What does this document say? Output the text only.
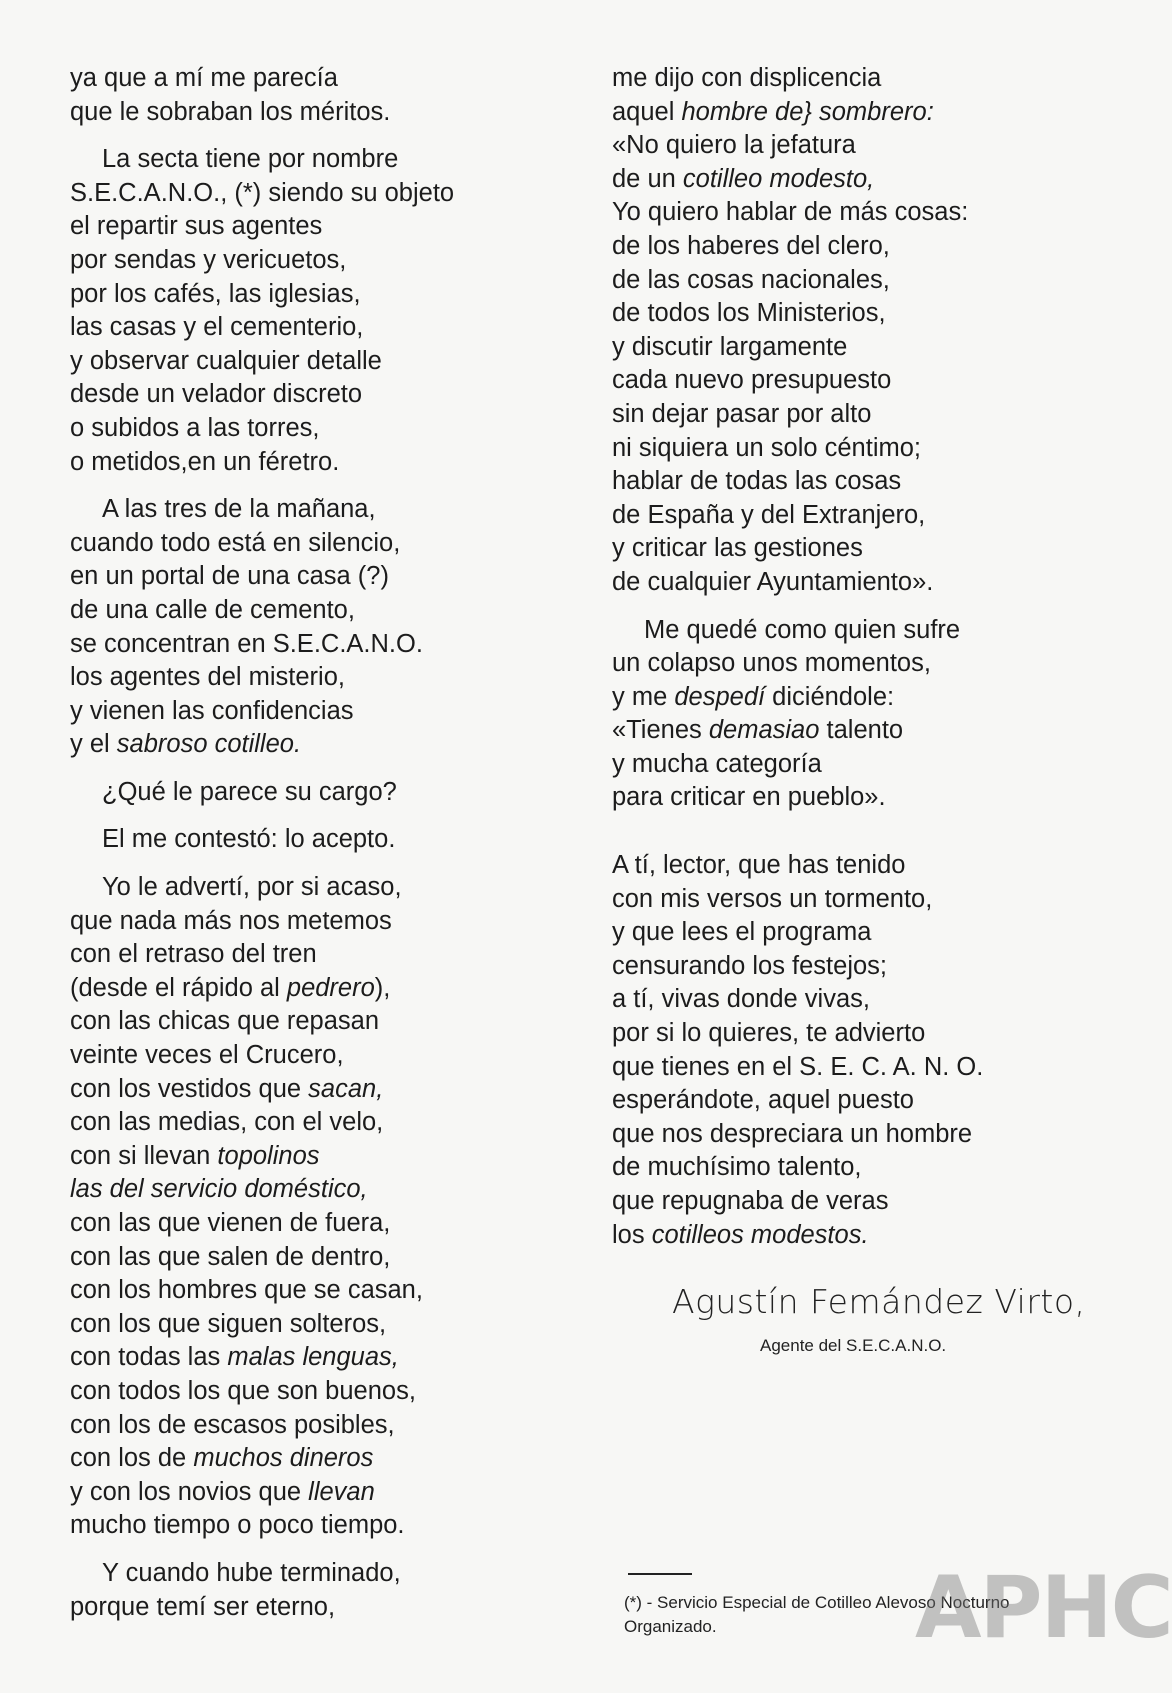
ya que a mí me parecía
que le sobraban los méritos.
La secta tiene por nombre
S.E.C.A.N.O., (*) siendo su objeto
el repartir sus agentes
por sendas y vericuetos,
por los cafés, las iglesias,
las casas y el cementerio,
y observar cualquier detalle
desde un velador discreto
o subidos a las torres,
o metidos,en un féretro.
A las tres de la mañana,
cuando todo está en silencio,
en un portal de una casa (?)
de una calle de cemento,
se concentran en S.E.C.A.N.O.
los agentes del misterio,
y vienen las confidencias
y el sabroso cotilleo.
¿Qué le parece su cargo?
El me contestó: lo acepto.
Yo le advertí, por si acaso,
que nada más nos metemos
con el retraso del tren
(desde el rápido al pedrero),
con las chicas que repasan
veinte veces el Crucero,
con los vestidos que sacan,
con las medias, con el velo,
con si llevan topolinos
las del servicio doméstico,
con las que vienen de fuera,
con las que salen de dentro,
con los hombres que se casan,
con los que siguen solteros,
con todas las malas lenguas,
con todos los que son buenos,
con los de escasos posibles,
con los de muchos dineros
y con los novios que llevan
mucho tiempo o poco tiempo.
Y cuando hube terminado,
porque temí ser eterno,
me dijo con displicencia
aquel hombre de} sombrero:
«No quiero la jefatura
de un cotilleo modesto,
Yo quiero hablar de más cosas:
de los haberes del clero,
de las cosas nacionales,
de todos los Ministerios,
y discutir largamente
cada nuevo presupuesto
sin dejar pasar por alto
ni siquiera un solo céntimo;
hablar de todas las cosas
de España y del Extranjero,
y criticar las gestiones
de cualquier Ayuntamiento».
Me quedé como quien sufre
un colapso unos momentos,
y me despedí diciéndole:
«Tienes demasiao talento
y mucha categoría
para criticar en pueblo».
A tí, lector, que has tenido
con mis versos un tormento,
y que lees el programa
censurando los festejos;
a tí, vivas donde vivas,
por si lo quieres, te advierto
que tienes en el S. E. C. A. N. O.
esperándote, aquel puesto
que nos despreciara un hombre
de muchísimo talento,
que repugnaba de veras
los cotilleos modestos.
Agustín Femández Virto,
Agente del S.E.C.A.N.O.
(*) - Servicio Especial de Cotilleo Alevoso Nocturno
Organizado.	APHC
